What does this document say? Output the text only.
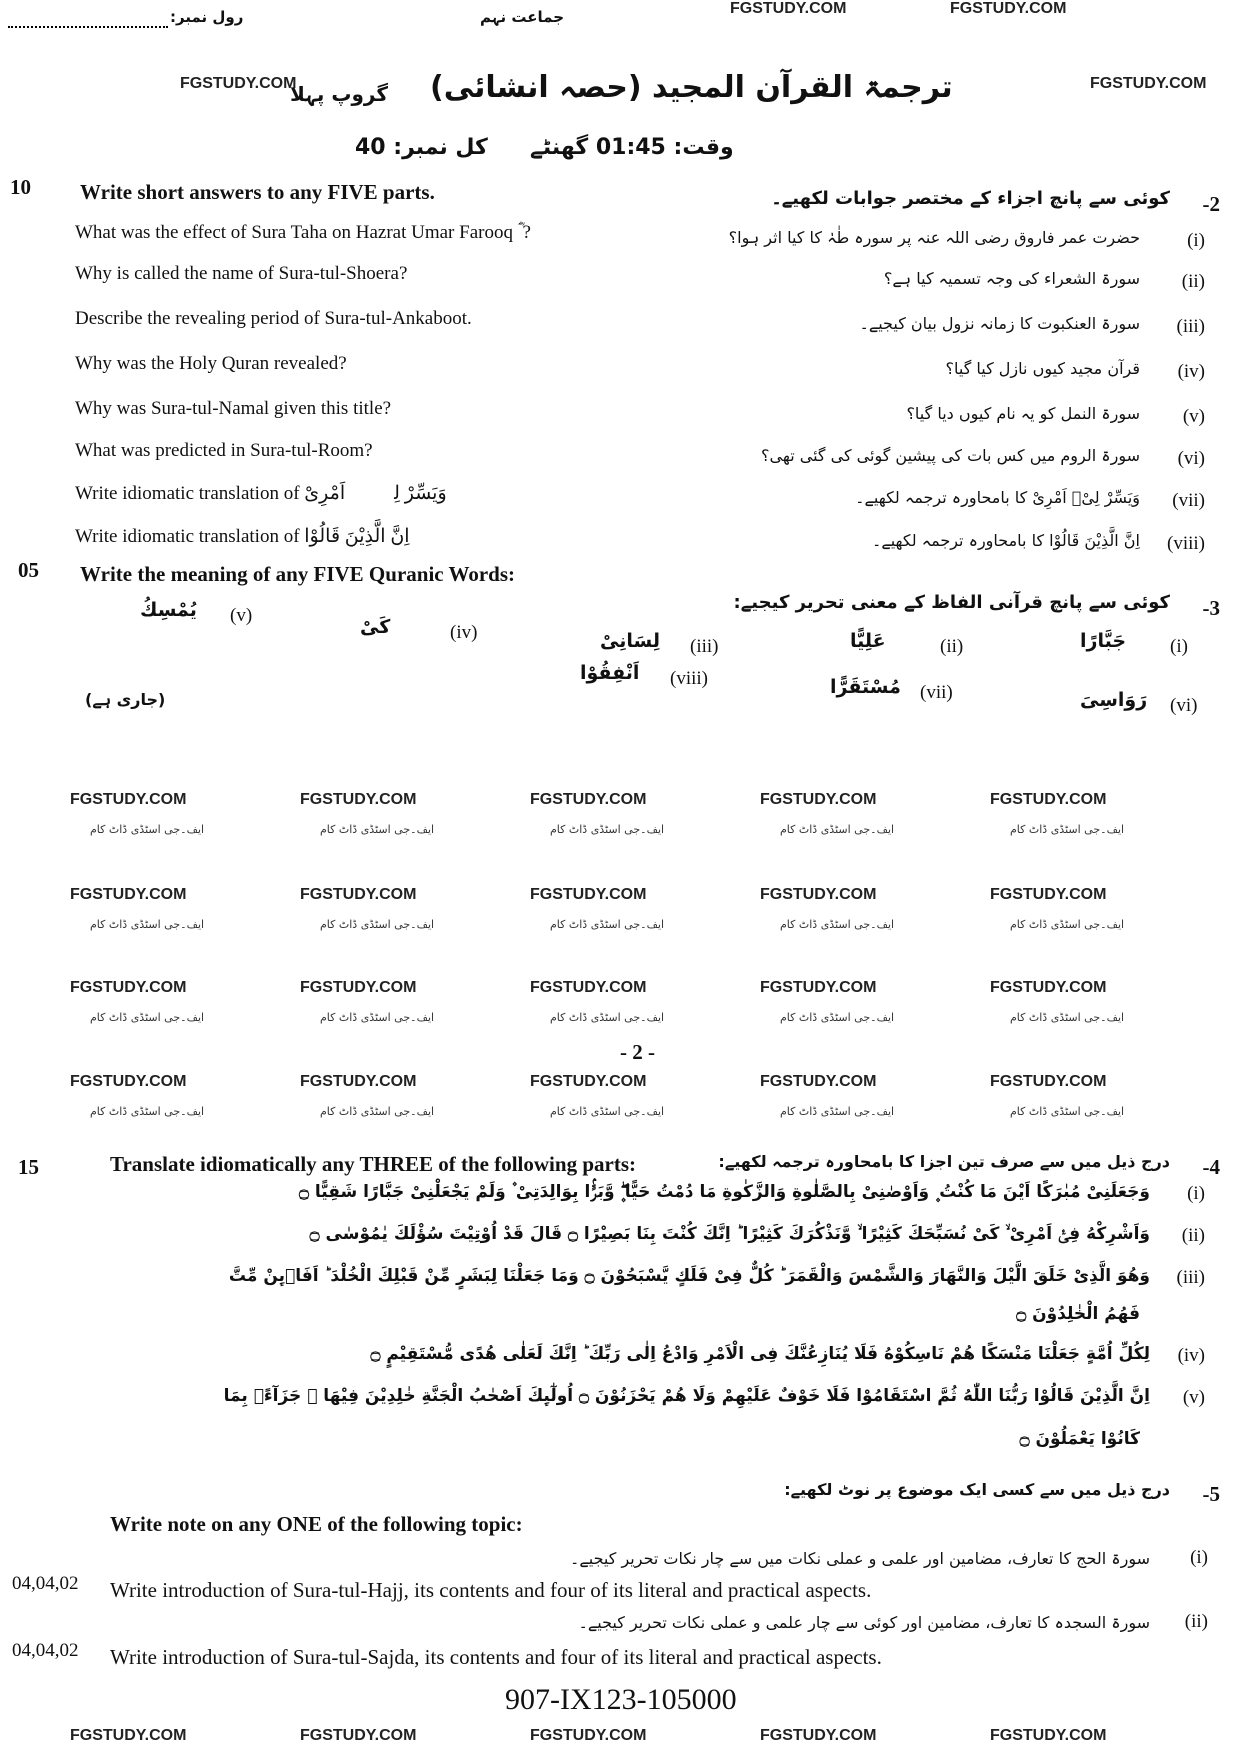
FGSTUDY.COM
ایف۔جی اسٹڈی ڈاٹ کام
FGSTUDY.COM
ایف۔جی اسٹڈی ڈاٹ کام
FGSTUDY.COM
ایف۔جی اسٹڈی ڈاٹ کام
FGSTUDY.COM
ایف۔جی اسٹڈی ڈاٹ کام
FGSTUDY.COM
ایف۔جی اسٹڈی ڈاٹ کام
FGSTUDY.COM
ایف۔جی اسٹڈی ڈاٹ کام
FGSTUDY.COM
ایف۔جی اسٹڈی ڈاٹ کام
FGSTUDY.COM
ایف۔جی اسٹڈی ڈاٹ کام
FGSTUDY.COM
ایف۔جی اسٹڈی ڈاٹ کام
FGSTUDY.COM
ایف۔جی اسٹڈی ڈاٹ کام
FGSTUDY.COM
ایف۔جی اسٹڈی ڈاٹ کام
FGSTUDY.COM
ایف۔جی اسٹڈی ڈاٹ کام
FGSTUDY.COM
ایف۔جی اسٹڈی ڈاٹ کام
FGSTUDY.COM
ایف۔جی اسٹڈی ڈاٹ کام
FGSTUDY.COM
ایف۔جی اسٹڈی ڈاٹ کام
FGSTUDY.COM
ایف۔جی اسٹڈی ڈاٹ کام
FGSTUDY.COM
ایف۔جی اسٹڈی ڈاٹ کام
FGSTUDY.COM
ایف۔جی اسٹڈی ڈاٹ کام
FGSTUDY.COM
ایف۔جی اسٹڈی ڈاٹ کام
FGSTUDY.COM
ایف۔جی اسٹڈی ڈاٹ کام
FGSTUDY.COM	FGSTUDY.COM	FGSTUDY.COM	FGSTUDY.COM	FGSTUDY.COM
FGSTUDY.COM	FGSTUDY.COM
FGSTUDY.COM	FGSTUDY.COM
رول نمبر:	جماعت نہم
ترجمۃ القرآن المجید (حصہ انشائی)
گروپ پہلا
وقت: 01:45 گھنٹے
کل نمبر: 40
10 Write short answers to any FIVE parts.	کوئی سے پانچ اجزاء کے مختصر جوابات لکھیے۔ -2
What was the effect of Sura Taha on Hazrat Umar Farooq ؓ ?	(i)
حضرت عمر فاروق رضی اللہ عنہ پر سورہ طٰہٰ کا کیا اثر ہوا؟
Why is called the name of Sura-tul-Shoera?	(ii)
سورۃ الشعراء کی وجہ تسمیہ کیا ہے؟
Describe the revealing period of Sura-tul-Ankaboot.	(iii)
سورۃ العنکبوت کا زمانہ نزول بیان کیجیے۔
Why was the Holy Quran revealed?	(iv)
قرآن مجید کیوں نازل کیا گیا؟
Why was Sura-tul-Namal given this title?	(v)
سورۃ النمل کو یہ نام کیوں دیا گیا؟
What was predicted in Sura-tul-Room?	(vi)
سورۃ الروم میں کس بات کی پیشین گوئی کی گئی تھی؟
Write idiomatic translation of وَیَسِّرْ لِیْۤ اَمْرِیْ	(vii)
وَیَسِّرْ لِیْۤ اَمْرِیْ کا بامحاورہ ترجمہ لکھیے۔
Write idiomatic translation of اِنَّ الَّذِیْنَ قَالُوْا	(viii)
اِنَّ الَّذِیْنَ قَالُوْا کا بامحاورہ ترجمہ لکھیے۔
05 Write the meaning of any FIVE Quranic Words:
کوئی سے پانچ قرآنی الفاظ کے معنی تحریر کیجیے: -3
(i)
جَبَّارًا
(ii)
عَلِیًّا
(iii)
لِسَانِیْ
(iv)
كَیْ
(v)
یُمْسِكُ
(vi)
رَوَاسِیَ
(vii)
مُسْتَقَرًّا
(viii)
اَنْفِقُوْا
(جاری ہے)
- 2 -
15	Translate idiomatically any THREE of the following parts:	درج ذیل میں سے صرف تین اجزا کا بامحاورہ ترجمہ لکھیے: -4
(i)
وَجَعَلَنِیْ مُبٰرَكًا اَیْنَ مَا كُنْتُ ۪ وَاَوْصٰنِیْ بِالصَّلٰوةِ وَالزَّكٰوةِ مَا دُمْتُ حَیًّا ۪ۖ وَّبَرًّۢا بِوَالِدَتِیْ ۫ وَلَمْ یَجْعَلْنِیْ جَبَّارًا شَقِیًّا ۝
(ii)
وَاَشْرِكْهُ فِیْۤ اَمْرِیْ ۙ كَیْ نُسَبِّحَكَ كَثِیْرًا ۙ وَّنَذْكُرَكَ كَثِیْرًا ؕ اِنَّكَ كُنْتَ بِنَا بَصِیْرًا ۝ قَالَ قَدْ اُوْتِیْتَ سُؤْلَكَ یٰمُوْسٰى ۝
(iii)
وَهُوَ الَّذِیْ خَلَقَ الَّیْلَ وَالنَّهَارَ وَالشَّمْسَ وَالْقَمَرَ ؕ كُلٌّ فِیْ فَلَكٍ یَّسْبَحُوْنَ ۝ وَمَا جَعَلْنَا لِبَشَرٍ مِّنْ قَبْلِكَ الْخُلْدَ ؕ اَفَاۡىِٕنْ مِّتَّ
فَهُمُ الْخٰلِدُوْنَ ۝
(iv)
لِكُلِّ اُمَّةٍ جَعَلْنَا مَنْسَكًا هُمْ نَاسِكُوْهُ فَلَا یُنَازِعُنَّكَ فِی الْاَمْرِ وَادْعُ اِلٰى رَبِّكَ ؕ اِنَّكَ لَعَلٰى هُدًى مُّسْتَقِیْمٍ ۝
(v)
اِنَّ الَّذِیْنَ قَالُوْا رَبُّنَا اللّٰهُ ثُمَّ اسْتَقَامُوْا فَلَا خَوْفٌ عَلَیْهِمْ وَلَا هُمْ یَحْزَنُوْنَ ۝ اُولٰٓىِٕكَ اَصْحٰبُ الْجَنَّةِ خٰلِدِیْنَ فِیْهَا ۚ جَزَآءًۢ بِمَا
كَانُوْا یَعْمَلُوْنَ ۝
درج ذیل میں سے کسی ایک موضوع پر نوٹ لکھیے: -5
Write note on any ONE of the following topic:
(i)
سورۃ الحج کا تعارف، مضامین اور علمی و عملی نکات میں سے چار نکات تحریر کیجیے۔
04,04,02 Write introduction of Sura-tul-Hajj, its contents and four of its literal and practical aspects.
(ii)
سورۃ السجدہ کا تعارف، مضامین اور کوئی سے چار علمی و عملی نکات تحریر کیجیے۔
04,04,02 Write introduction of Sura-tul-Sajda, its contents and four of its literal and practical aspects.
907-IX123-105000
